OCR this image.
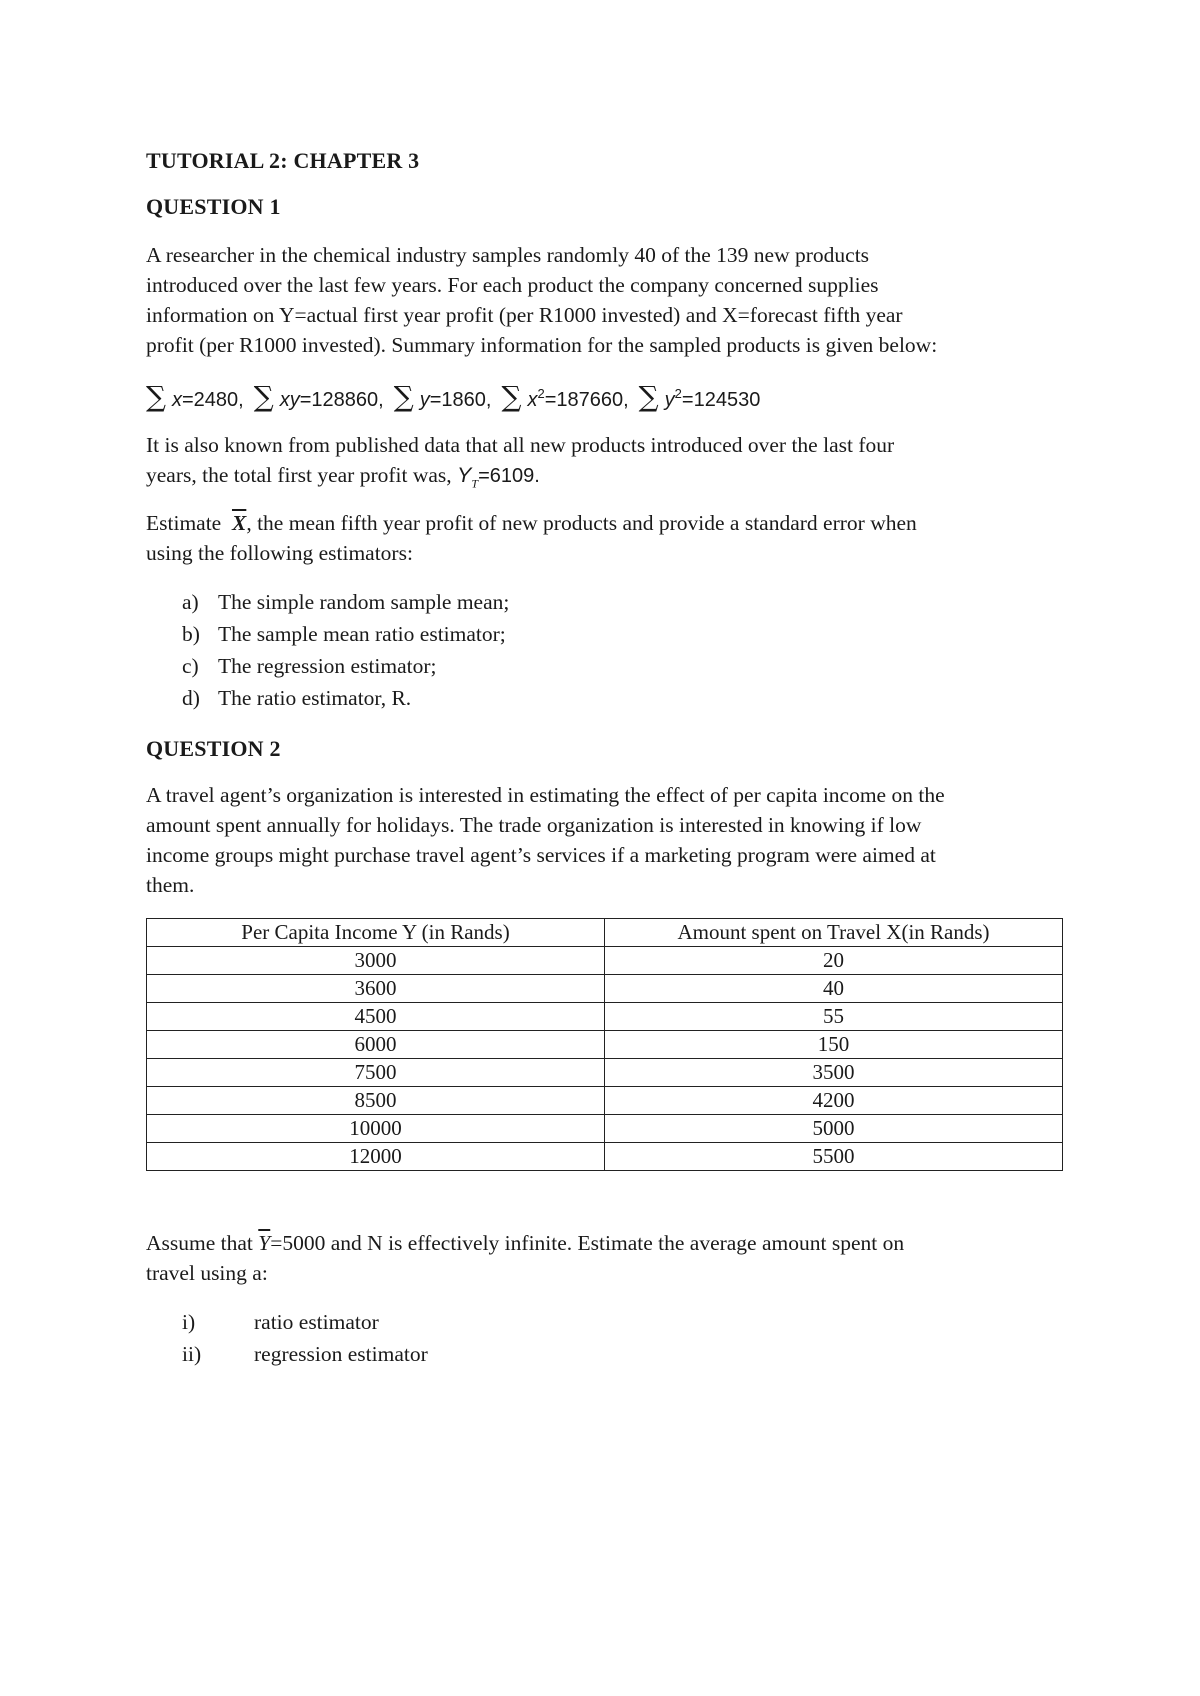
TUTORIAL 2: CHAPTER 3
QUESTION 1

A researcher in the chemical industry samples randomly 40 of the 139 new products

introduced over the last few years. For each product the company concerned supplies

information on Y=actual first year profit (per R1000 invested) and X=forecast fifth year

profit (per R1000 invested). Summary information for the sampled products is given below:

∑ x=2480, ∑ xy=128860, ∑ y=1860, ∑ x$^2$=187660, ∑ y$^2$=124530

It is also known from published data that all new products introduced over the last four

years, the total first year profit was, $Y_T=6109$.

Estimate $\overline{X}$, the mean fifth year profit of new products and provide a standard error when

using the following estimators:

a) The simple random sample mean;
b) The sample mean ratio estimator;
c) The regression estimator;
d) The ratio estimator, R.
QUESTION 2

A travel agent’s organization is interested in estimating the effect of per capita income on the

amount spent annually for holidays. The trade organization is interested in knowing if low

income groups might purchase travel agent’s services if a marketing program were aimed at

them.

Per Capita Income Y (in Rands)	Amount spent on Travel X(in Rands)
3000	20
3600	40
4500	55
6000	150
7500	3500
8500	4200
10000	5000
12000	5500

Assume that $\overline{Y}=5000$ and N is effectively infinite. Estimate the average amount spent on

travel using a:

i)	ratio estimator
ii)	regression estimator
